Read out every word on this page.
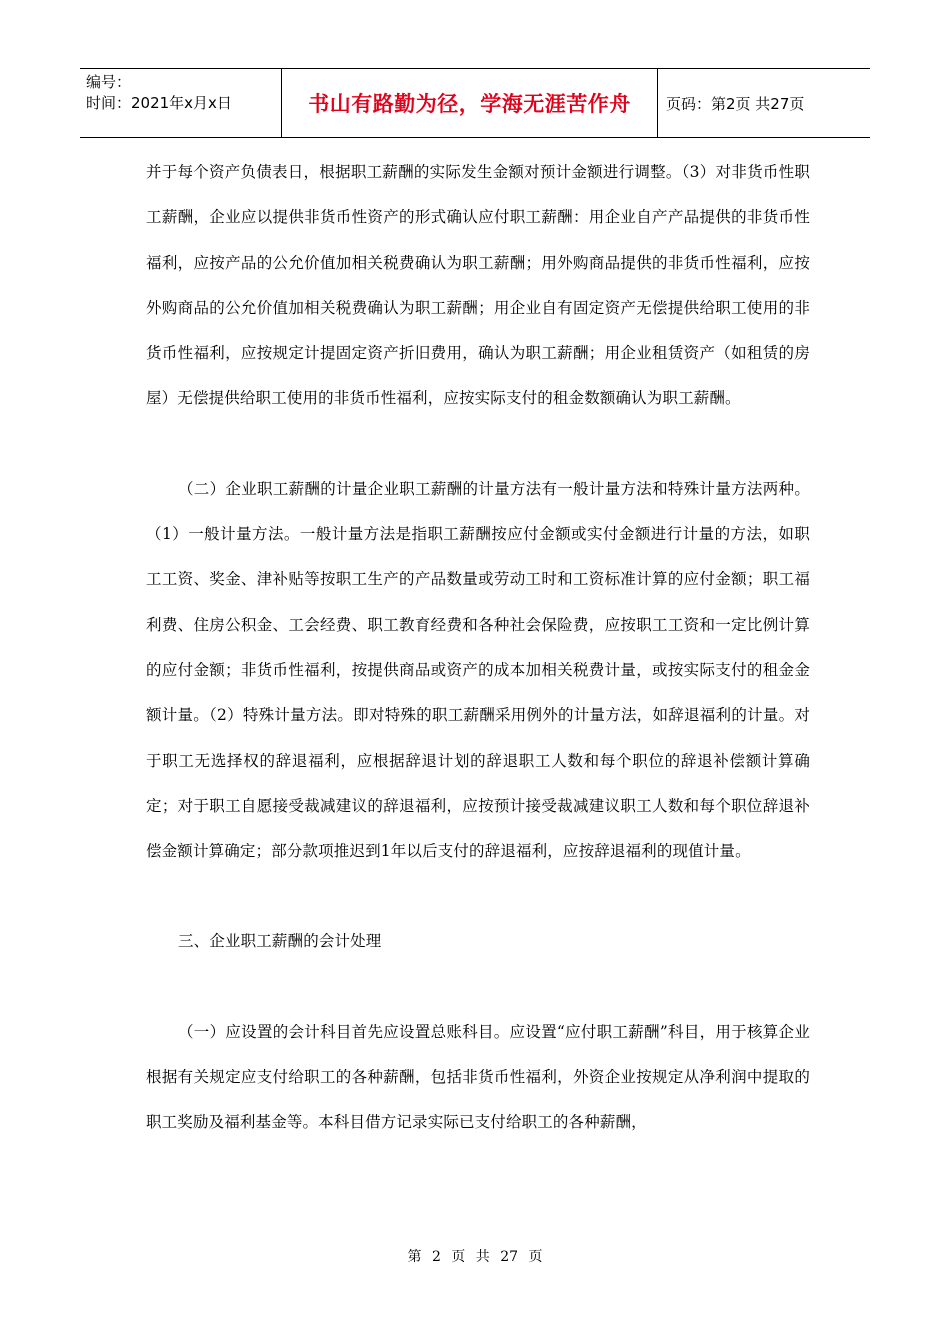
编号：
时间：2021年x月x日	书山有路勤为径，学海无涯苦作舟	页码：第2页 共27页

并于每个资产负债表日，根据职工薪酬的实际发生金额对预计金额进行调整。（3）对非货币性职工薪酬，企业应以提供非货币性资产的形式确认应付职工薪酬：用企业自产产品提供的非货币性福利，应按产品的公允价值加相关税费确认为职工薪酬；用外购商品提供的非货币性福利，应按外购商品的公允价值加相关税费确认为职工薪酬；用企业自有固定资产无偿提供给职工使用的非货币性福利，应按规定计提固定资产折旧费用，确认为职工薪酬；用企业租赁资产（如租赁的房屋）无偿提供给职工使用的非货币性福利，应按实际支付的租金数额确认为职工薪酬。

（二）企业职工薪酬的计量企业职工薪酬的计量方法有一般计量方法和特殊计量方法两种。（1）一般计量方法。一般计量方法是指职工薪酬按应付金额或实付金额进行计量的方法，如职工工资、奖金、津补贴等按职工生产的产品数量或劳动工时和工资标准计算的应付金额；职工福利费、住房公积金、工会经费、职工教育经费和各种社会保险费，应按职工工资和一定比例计算的应付金额；非货币性福利，按提供商品或资产的成本加相关税费计量，或按实际支付的租金金额计量。（2）特殊计量方法。即对特殊的职工薪酬采用例外的计量方法，如辞退福利的计量。对于职工无选择权的辞退福利，应根据辞退计划的辞退职工人数和每个职位的辞退补偿额计算确定；对于职工自愿接受裁减建议的辞退福利，应按预计接受裁减建议职工人数和每个职位辞退补偿金额计算确定；部分款项推迟到1年以后支付的辞退福利，应按辞退福利的现值计量。

三、企业职工薪酬的会计处理

（一）应设置的会计科目首先应设置总账科目。应设置“应付职工薪酬”科目，用于核算企业根据有关规定应支付给职工的各种薪酬，包括非货币性福利，外资企业按规定从净利润中提取的职工奖励及福利基金等。本科目借方记录实际已支付给职工的各种薪酬，

第 2 页 共 27 页
